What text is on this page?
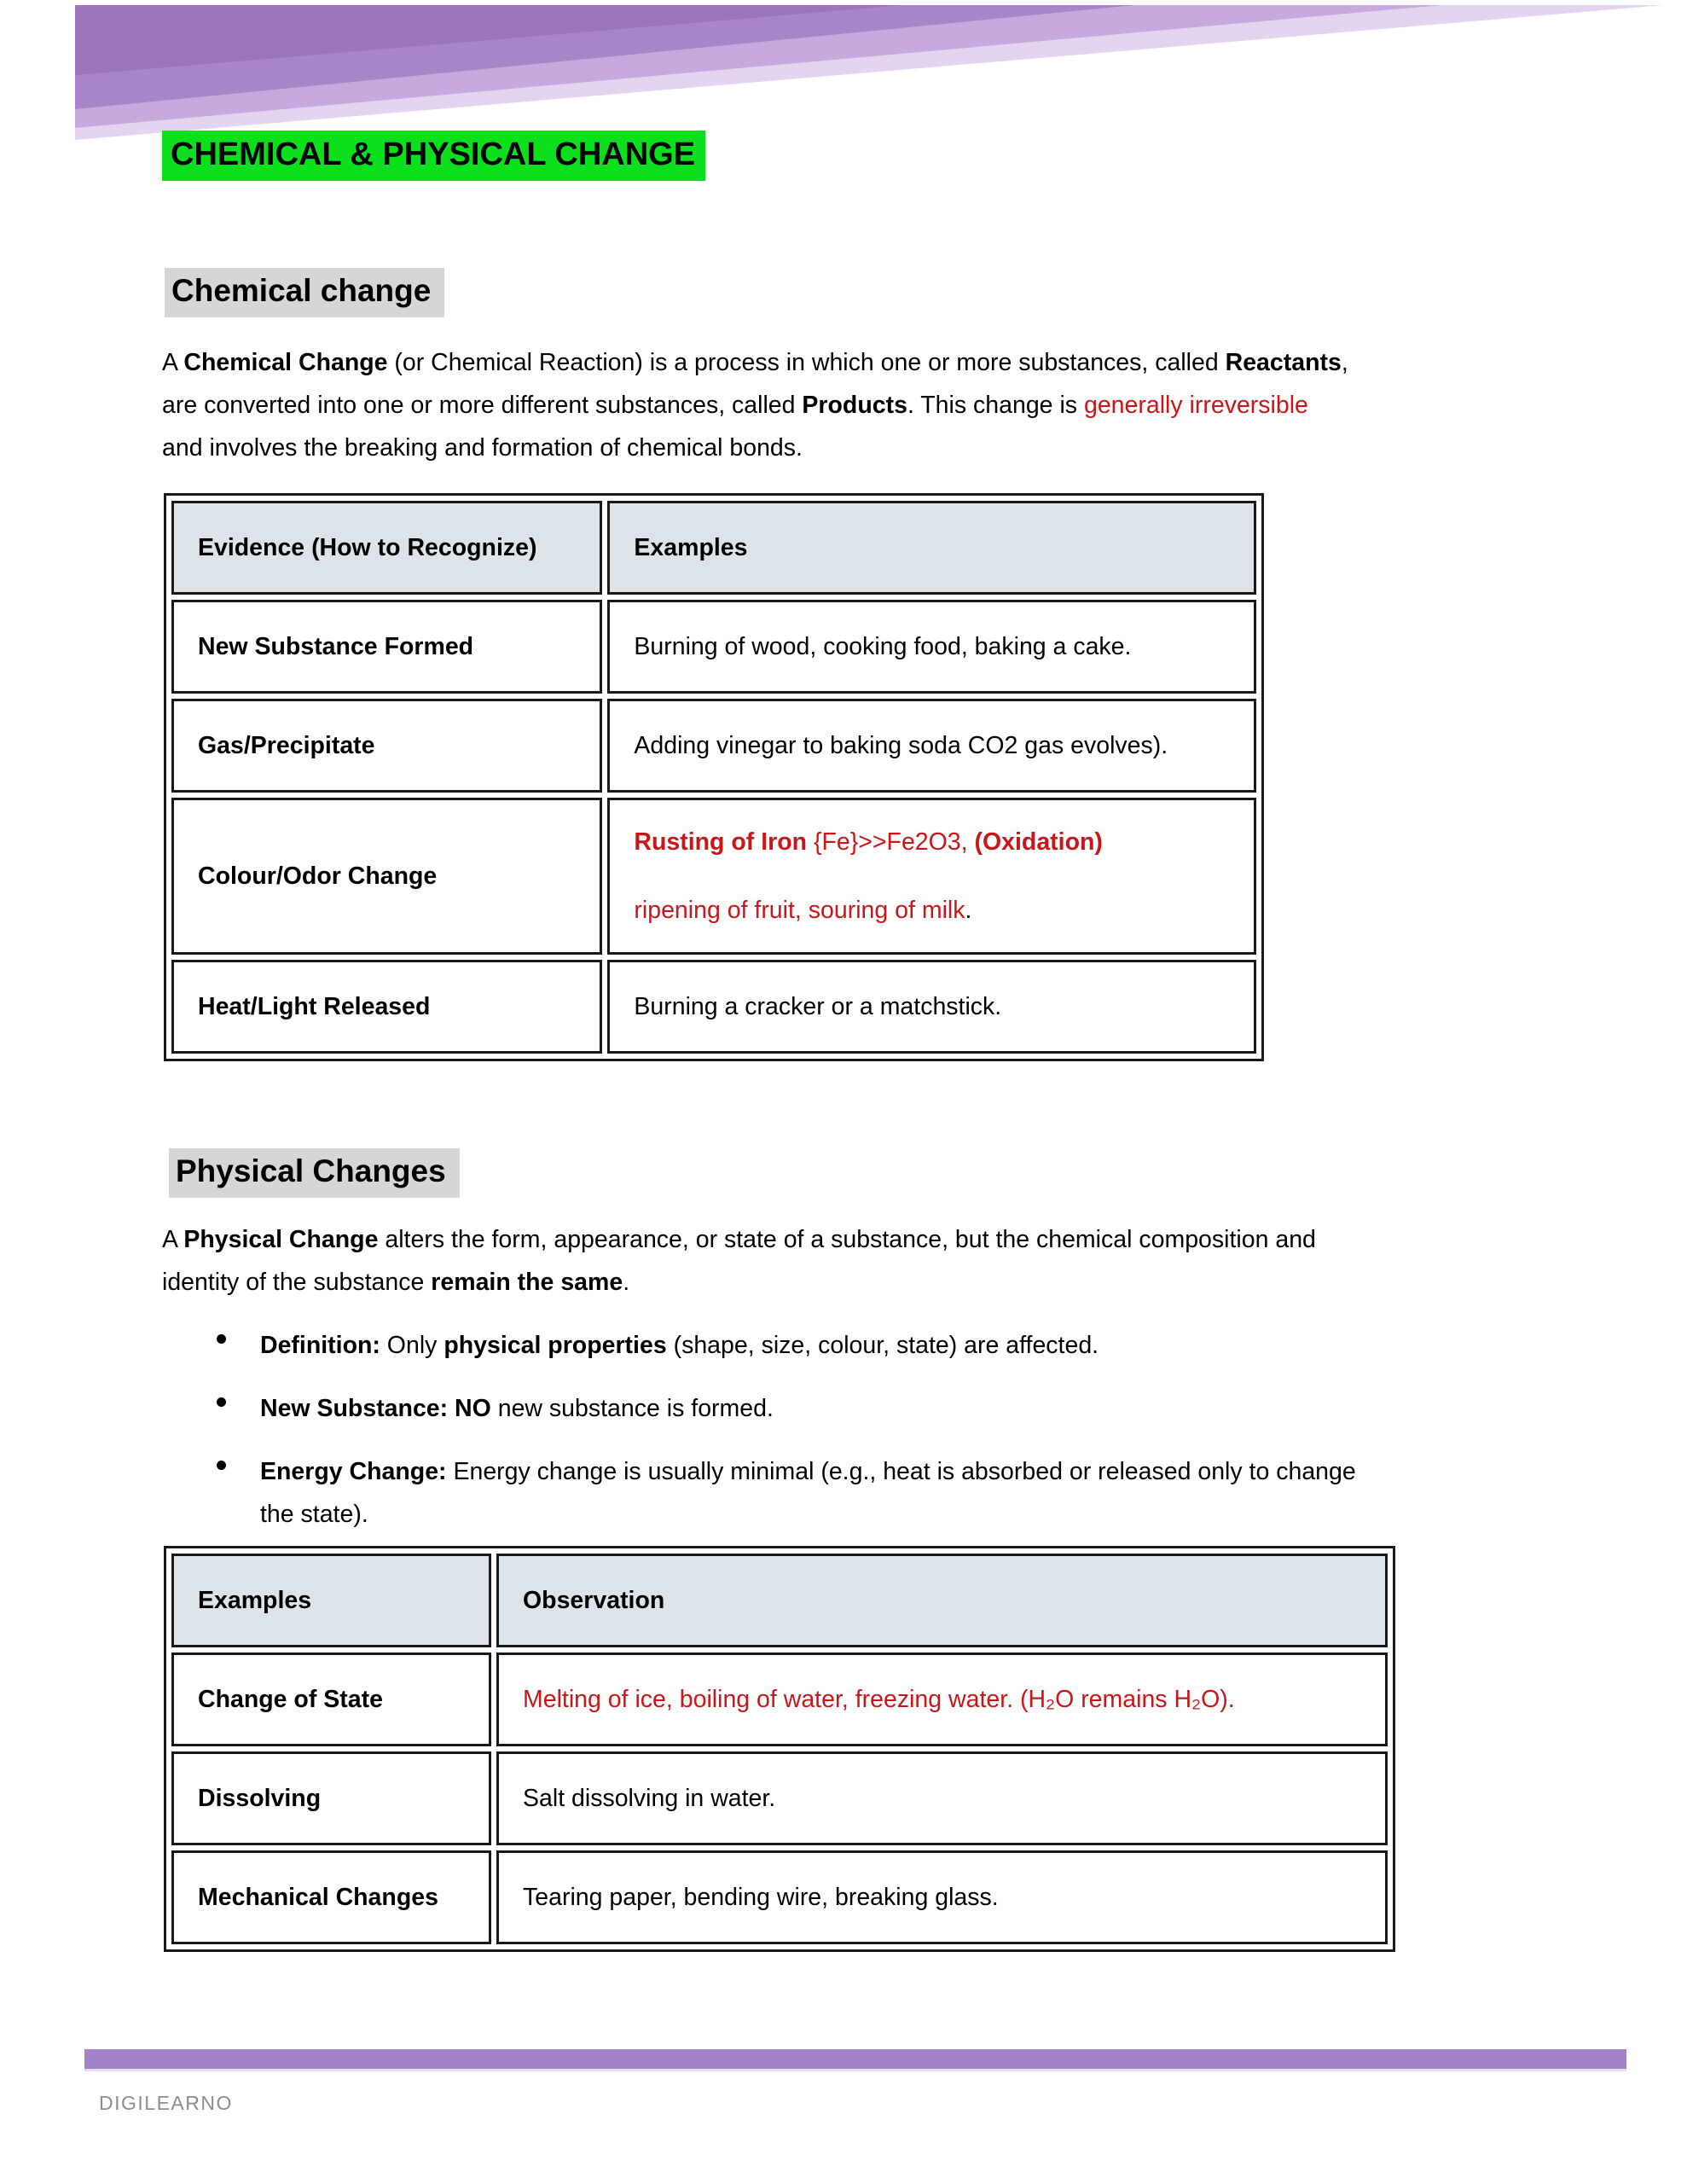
CHEMICAL & PHYSICAL CHANGE
Chemical change
A Chemical Change (or Chemical Reaction) is a process in which one or more substances, called Reactants,
are converted into one or more different substances, called Products. This change is generally irreversible
and involves the breaking and formation of chemical bonds.
Evidence (How to Recognize)	Examples
New Substance Formed	Burning of wood, cooking food, baking a cake.

Gas/Precipitate	Adding vinegar to baking soda CO2 gas evolves).

Colour/Odor Change	Rusting of Iron {Fe}>>Fe2O3, (Oxidation)

ripening of fruit, souring of milk.

Heat/Light Released	Burning a cracker or a matchstick.

Physical Changes
A Physical Change alters the form, appearance, or state of a substance, but the chemical composition and
identity of the substance remain the same.
Definition: Only physical properties (shape, size, colour, state) are affected.
New Substance: NO new substance is formed.
Energy Change: Energy change is usually minimal (e.g., heat is absorbed or released only to change
the state).
Examples	Observation
Change of State	Melting of ice, boiling of water, freezing water. (H₂O remains H₂O).

Dissolving	Salt dissolving in water.

Mechanical Changes	Tearing paper, bending wire, breaking glass.

DIGILEARNO
